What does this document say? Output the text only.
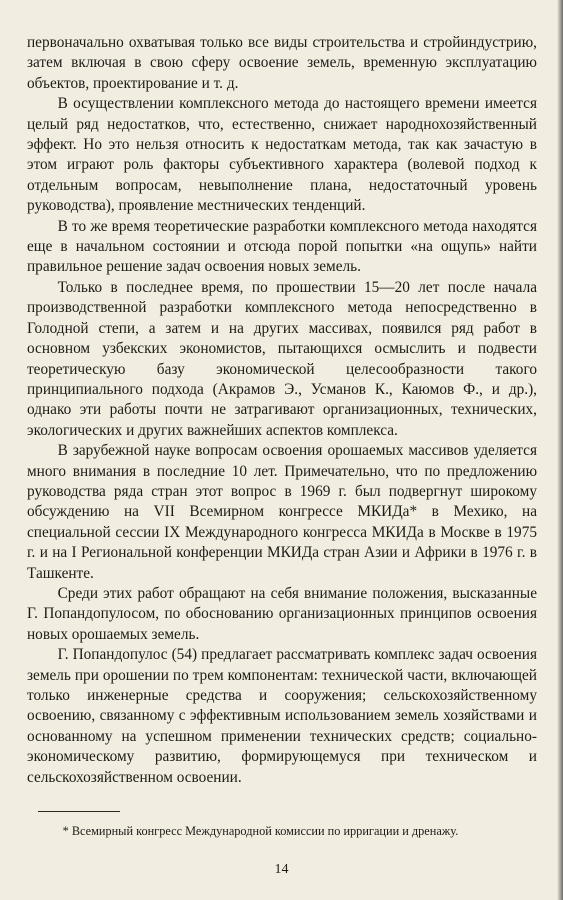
первоначально охватывая только все виды строительства и стройиндустрию, затем включая в свою сферу освоение земель, временную эксплуатацию объектов, проектирование и т. д.

В осуществлении комплексного метода до настоящего времени имеется целый ряд недостатков, что, естественно, снижает народнохозяйственный эффект. Но это нельзя относить к недостаткам метода, так как зачастую в этом играют роль факторы субъективного характера (волевой подход к отдельным вопросам, невыполнение плана, недостаточный уровень руководства), проявление местнических тенденций.

В то же время теоретические разработки комплексного метода находятся еще в начальном состоянии и отсюда порой попытки «на ощупь» найти правильное решение задач освоения новых земель.

Только в последнее время, по прошествии 15—20 лет после начала производственной разработки комплексного метода непосредственно в Голодной степи, а затем и на других массивах, появился ряд работ в основном узбекских экономистов, пытающихся осмыслить и подвести теоретическую базу экономической целесообразности такого принципиального подхода (Акрамов Э., Усманов К., Каюмов Ф., и др.), однако эти работы почти не затрагивают организационных, технических, экологических и других важнейших аспектов комплекса.

В зарубежной науке вопросам освоения орошаемых массивов уделяется много внимания в последние 10 лет. Примечательно, что по предложению руководства ряда стран этот вопрос в 1969 г. был подвергнут широкому обсуждению на VII Всемирном конгрессе МКИДа* в Мехико, на специальной сессии IX Международного конгресса МКИДа в Москве в 1975 г. и на I Региональной конференции МКИДа стран Азии и Африки в 1976 г. в Ташкенте.

Среди этих работ обращают на себя внимание положения, высказанные Г. Попандопулосом, по обоснованию организационных принципов освоения новых орошаемых земель.

Г. Попандопулос (54) предлагает рассматривать комплекс задач освоения земель при орошении по трем компонентам: технической части, включающей только инженерные средства и сооружения; сельскохозяйственному освоению, связанному с эффективным использованием земель хозяйствами и основанному на успешном применении технических средств; социально-экономическому развитию, формирующемуся при техническом и сельскохозяйственном освоении.

* Всемирный конгресс Международной комиссии по ирригации и дренажу.
14
